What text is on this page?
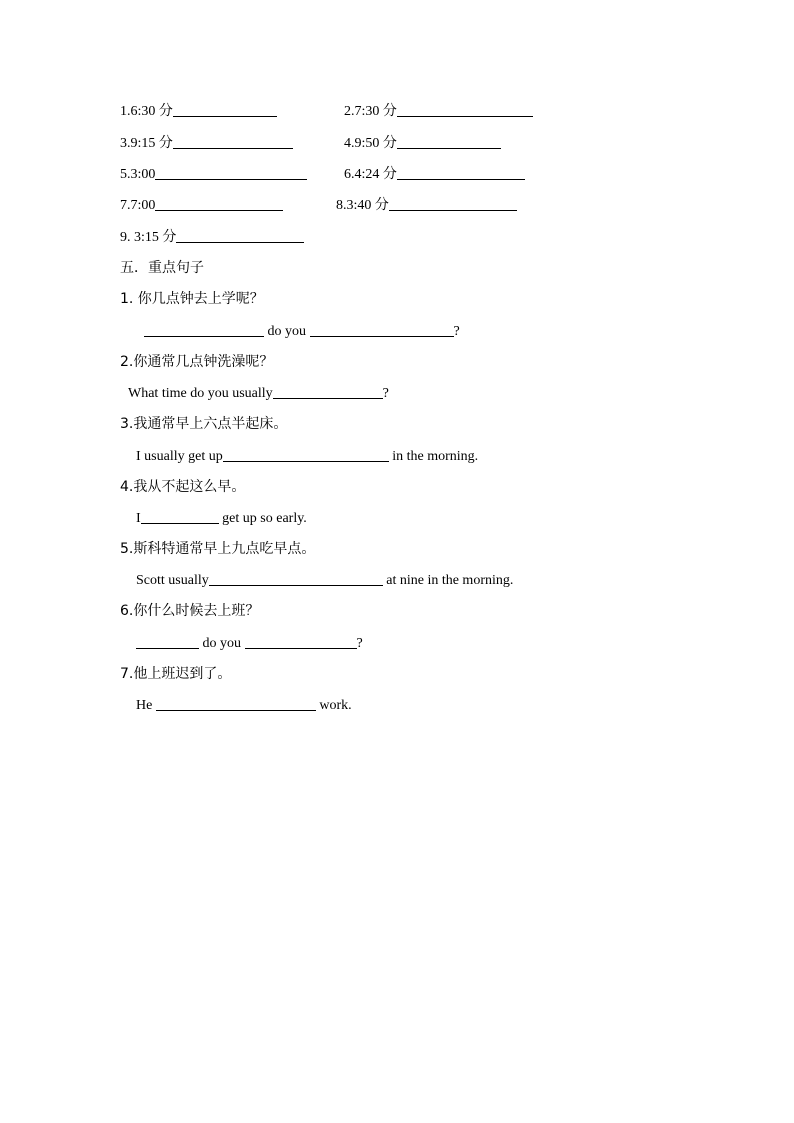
1.6:30 分	2.7:30 分
3.9:15 分	4.9:50 分
5.3:00	6.4:24 分
7.7:00	8.3:40 分
9. 3:15 分
五．重点句子
1. 你几点钟去上学呢？
do you	?
2.你通常几点钟洗澡呢？
What time do you usually	?
3.我通常早上六点半起床。
I usually get up	in the morning.
4.我从不起这么早。
I	get up so early.
5.斯科特通常早上九点吃早点。
Scott usually	at nine in the morning.
6.你什么时候去上班？
do you	?
7.他上班迟到了。
He	work.
